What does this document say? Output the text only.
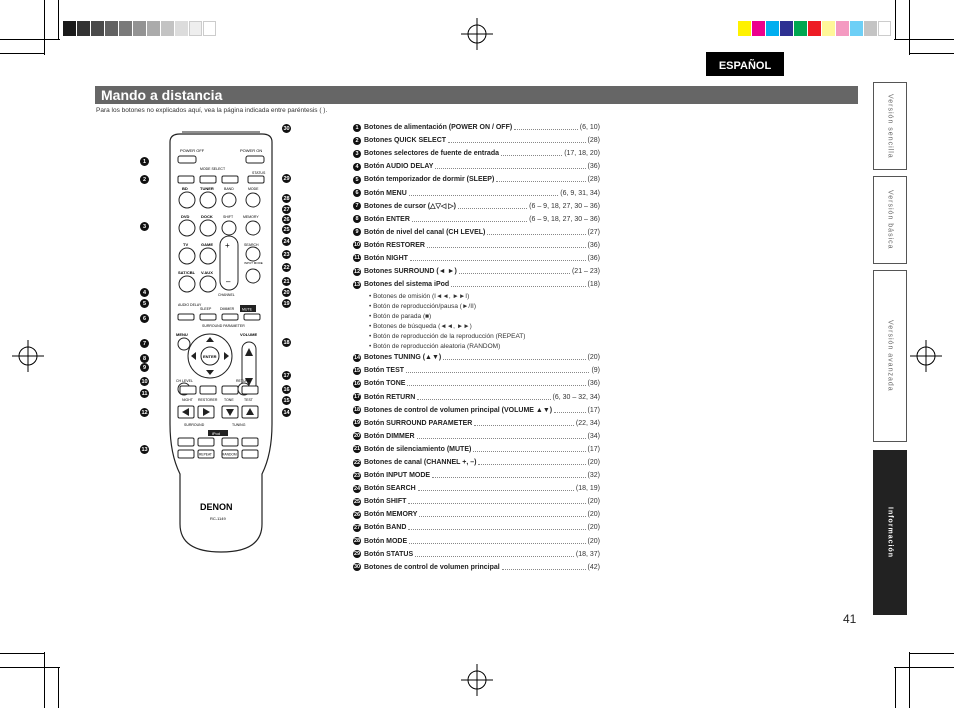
ESPAÑOL
Mando a distancia
Para los botones no explicados aquí, vea la página indicada entre paréntesis ( ).
POWER OFF	POWER ON
MODE SELECT
STATUS
BD	TUNER	BAND	MODE
DVD	DOCK	SHIFT	MEMORY
TV	GAME	SEARCH
SAT/CBL V.AUX
+
–
CHANNEL
INPUT MODE
AUDIO DELAY
SLEEP DIMMER MUTE
SURROUND PARAMETER
MENU	VOLUME
ENTER
CH LEVEL	RETURN
NIGHT RESTORER TONE	TEST
SURROUND	TUNING
iPod
REPEAT	RANDOM
DENON
RC-1149
30
1
2	29
28
27
26
3	25
24
23
22
21
4	20
5	19
6
18
7
8
9
17
10
16
11
15
12	14
13
1 Botones de alimentación (POWER ON / OFF)	(6, 10)
2 Botones QUICK SELECT	(28)
3 Botones selectores de fuente de entrada	(17, 18, 20)
4 Botón AUDIO DELAY	(36)
5 Botón temporizador de dormir (SLEEP)	(28)
6 Botón MENU	(6, 9, 31, 34)
7 Botones de cursor (△▽◁ ▷)	(6 – 9, 18, 27, 30 – 36)
8 Botón ENTER	(6 – 9, 18, 27, 30 – 36)
9 Botón de nivel del canal (CH LEVEL)	(27)
10 Botón RESTORER	(36)
11 Botón NIGHT	(36)
12 Botones SURROUND (◄ ►)	(21 – 23)
13 Botones del sistema iPod	(18)
• Botones de omisión (I◄◄, ►►I)
• Botón de reproducción/pausa (►/II)
• Botón de parada (■)
• Botones de búsqueda (◄◄, ►►)
• Botón de reproducción de la reproducción (REPEAT)
• Botón de reproducción aleatoria (RANDOM)
14 Botones TUNING (▲▼)	(20)
15 Botón TEST	(9)
16 Botón TONE	(36)
17 Botón RETURN	(6, 30 – 32, 34)
18 Botones de control de volumen principal (VOLUME ▲▼)	(17)
19 Botón SURROUND PARAMETER	(22, 34)
20 Botón DIMMER	(34)
21 Botón de silenciamiento (MUTE)	(17)
22 Botones de canal (CHANNEL +, –)	(20)
23 Botón INPUT MODE	(32)
24 Botón SEARCH	(18, 19)
25 Botón SHIFT	(20)
26 Botón MEMORY	(20)
27 Botón BAND	(20)
28 Botón MODE	(20)
29 Botón STATUS	(18, 37)
30 Botones de control de volumen principal	(42)
Versión sencilla
Versión básica
Versión avanzada
Información
41
